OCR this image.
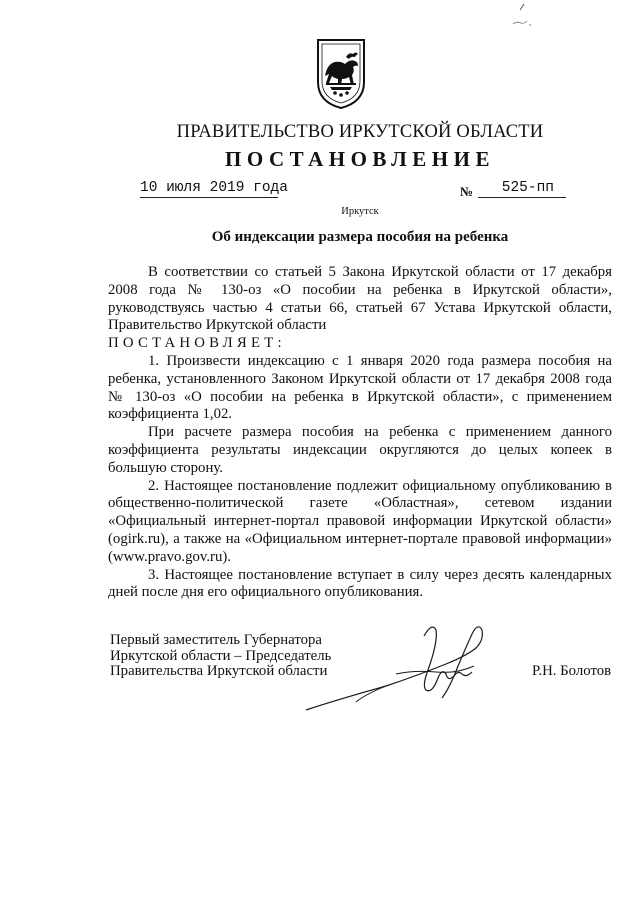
ПРАВИТЕЛЬСТВО ИРКУТСКОЙ ОБЛАСТИ
ПОСТАНОВЛЕНИЕ
10 июля 2019 года	№	525-пп
Иркутск
Об индексации размера пособия на ребенка

В соответствии со статьей 5 Закона Иркутской области от 17 декабря 2008 года № 130-оз «О пособии на ребенка в Иркутской области», руководствуясь частью 4 статьи 66, статьей 67 Устава Иркутской области, Правительство Иркутской области

ПОСТАНОВЛЯЕТ:

1. Произвести индексацию с 1 января 2020 года размера пособия на ребенка, установленного Законом Иркутской области от 17 декабря 2008 года № 130-оз «О пособии на ребенка в Иркутской области», с применением коэффициента 1,02.

При расчете размера пособия на ребенка с применением данного коэффициента результаты индексации округляются до целых копеек в большую сторону.

2. Настоящее постановление подлежит официальному опубликованию в общественно-политической газете «Областная», сетевом издании «Официальный интернет-портал правовой информации Иркутской области» (ogirk.ru), а также на «Официальном интернет-портале правовой информации» (www.pravo.gov.ru).

3. Настоящее постановление вступает в силу через десять календарных дней после дня его официального опубликования.

Первый заместитель Губернатора
Иркутской области – Председатель
Правительства Иркутской области	Р.Н. Болотов
